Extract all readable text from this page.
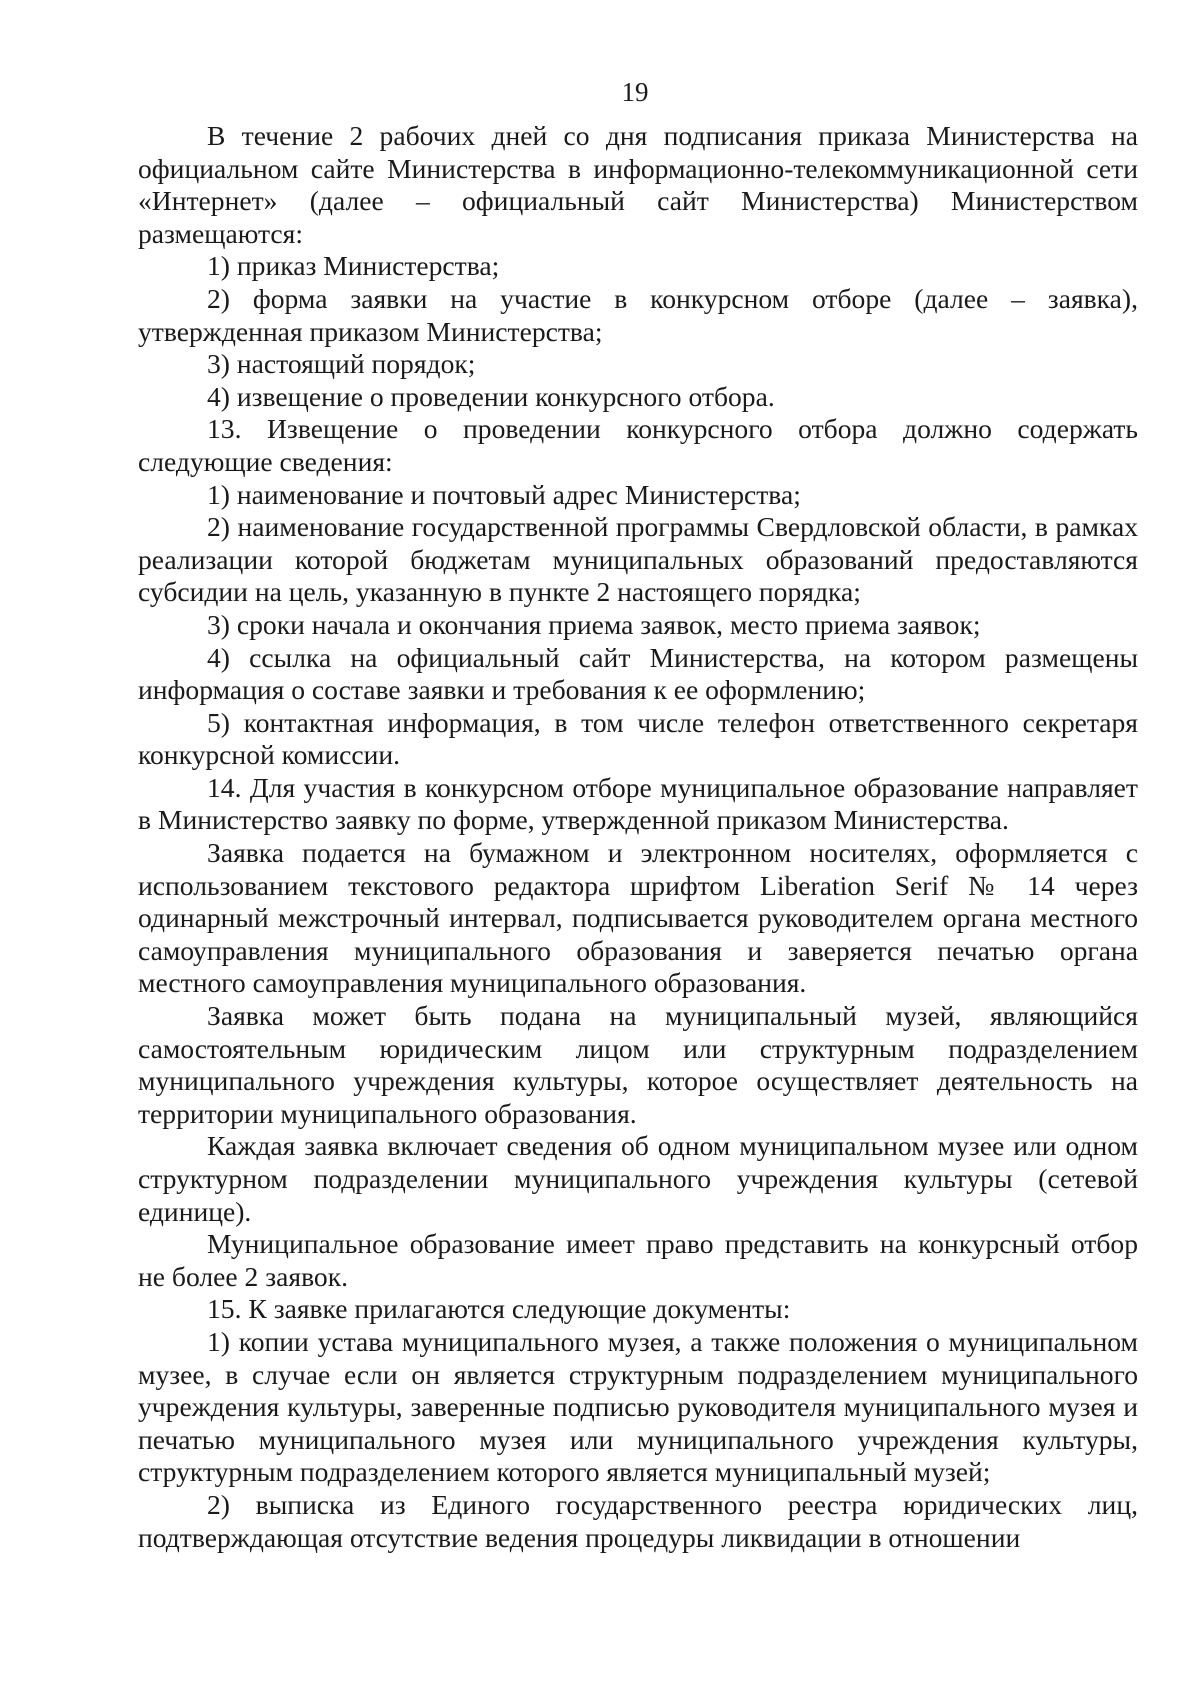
19

В течение 2 рабочих дней со дня подписания приказа Министерства на официальном сайте Министерства в информационно-телекоммуникационной сети «Интернет» (далее – официальный сайт Министерства) Министерством размещаются:

1) приказ Министерства;

2) форма заявки на участие в конкурсном отборе (далее – заявка), утвержденная приказом Министерства;

3) настоящий порядок;

4) извещение о проведении конкурсного отбора.

13. Извещение о проведении конкурсного отбора должно содержать следующие сведения:

1) наименование и почтовый адрес Министерства;

2) наименование государственной программы Свердловской области, в рамках реализации которой бюджетам муниципальных образований предоставляются субсидии на цель, указанную в пункте 2 настоящего порядка;

3) сроки начала и окончания приема заявок, место приема заявок;

4) ссылка на официальный сайт Министерства, на котором размещены информация о составе заявки и требования к ее оформлению;

5) контактная информация, в том числе телефон ответственного секретаря конкурсной комиссии.

14. Для участия в конкурсном отборе муниципальное образование направляет в Министерство заявку по форме, утвержденной приказом Министерства.

Заявка подается на бумажном и электронном носителях, оформляется с использованием текстового редактора шрифтом Liberation Serif № 14 через одинарный межстрочный интервал, подписывается руководителем органа местного самоуправления муниципального образования и заверяется печатью органа местного самоуправления муниципального образования.

Заявка может быть подана на муниципальный музей, являющийся самостоятельным юридическим лицом или структурным подразделением муниципального учреждения культуры, которое осуществляет деятельность на территории муниципального образования.

Каждая заявка включает сведения об одном муниципальном музее или одном структурном подразделении муниципального учреждения культуры (сетевой единице).

Муниципальное образование имеет право представить на конкурсный отбор не более 2 заявок.

15. К заявке прилагаются следующие документы:

1) копии устава муниципального музея, а также положения о муниципальном музее, в случае если он является структурным подразделением муниципального учреждения культуры, заверенные подписью руководителя муниципального музея и печатью муниципального музея или муниципального учреждения культуры, структурным подразделением которого является муниципальный музей;

2) выписка из Единого государственного реестра юридических лиц, подтверждающая отсутствие ведения процедуры ликвидации в отношении
